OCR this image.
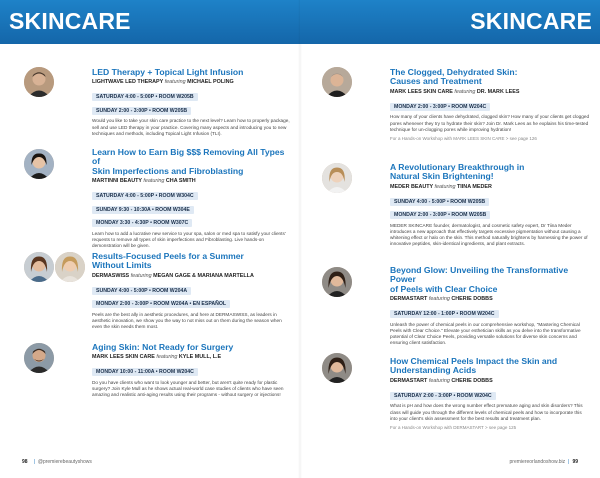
SKINCARE
LED Therapy + Topical Light Infusion
LIGHTWAVE LED THERAPY featuring MICHAEL POLING
SATURDAY 4:00 - 5:00P • ROOM W205B
SUNDAY 2:00 - 3:00P • ROOM W205B
Would you like to take your skin care practice to the next level? Learn how to properly package, sell and use LED therapy in your practice. Covering many aspects and introducing you to new techniques and methods, including Topical Light Infusion (TLI).
Learn How to Earn Big $$$ Removing All Types of
Skin Imperfections and Fibroblasting
MARTINNI BEAUTY featuring CHA SMITH
SATURDAY 4:00 - 5:00P • ROOM W304C
SUNDAY 9:30 - 10:30A • ROOM W304E
MONDAY 3:30 - 4:30P • ROOM W307C
Learn how to add a lucrative new service to your spa, salon or med spa to satisfy your clients' requests to remove all types of skin imperfections and Fibroblasting. Live hands-on demonstration will be given.
Results-Focused Peels for a Summer
Without Limits
DERMASWISS featuring MEGAN GAGE & MARIANA MARTELLA
SUNDAY 4:00 - 5:00P • ROOM W204A
MONDAY 2:00 - 3:00P • ROOM W204A • EN ESPAÑOL
Peels are the best ally in aesthetic procedures, and here at DERMASWISS, as leaders in aesthetic innovation, we show you the way to not miss out on them during the season when even the skin needs them most.
Aging Skin: Not Ready for Surgery
MARK LEES SKIN CARE featuring KYLE MULL, L.E
MONDAY 10:00 - 11:00A • ROOM W204C
Do you have clients who want to look younger and better, but aren't quite ready for plastic surgery? Join Kyle Mull as he shows actual real-world case studies of clients who have seen amazing and realistic anti-aging results using their programs - without surgery or injections!
98 | @premierebeautyshows
SKINCARE
The Clogged, Dehydrated Skin:
Causes and Treatment
MARK LEES SKIN CARE featuring DR. MARK LEES
MONDAY 2:00 - 3:00P • ROOM W204C
How many of your clients have dehydrated, clogged skin? How many of your clients get clogged pores whenever they try to hydrate their skin? Join Dr. Mark Lees as he explains his time-tested technique for un-clogging pores while improving hydration!
For a Hands-on Workshop with MARK LEES SKIN CARE > see page 126
A Revolutionary Breakthrough in
Natural Skin Brightening!
MEDER BEAUTY featuring TIINA MEDER
SUNDAY 4:00 - 5:00P • ROOM W205B
MONDAY 2:00 - 3:00P • ROOM W205B
MEDER SKINCARE founder, dermatologist, and cosmetic safety expert, Dr Tiina Meder introduces a new approach that effectively targets excessive pigmentation without causing a whitening effect or halo on the skin. This method naturally brightens by harnessing the power of innovative peptides, skin-identical ingredients, and plant extracts.
Beyond Glow: Unveiling the Transformative Power
of Peels with Clear Choice
DERMASTART featuring CHERIE DOBBS
SATURDAY 12:00 - 1:00P • ROOM W204C
Unleash the power of chemical peels in our comprehensive workshop, "Mastering Chemical Peels with Clear Choice." Elevate your esthetician skills as you delve into the transformative potential of Clear Choice Peels, providing versatile solutions for diverse skin concerns and ensuring client satisfaction.
How Chemical Peels Impact the Skin and
Understanding Acids
DERMASTART featuring CHERIE DOBBS
SATURDAY 2:00 - 3:00P • ROOM W204C
What is pH and how does the wrong number effect premature aging and skin disorders? This class will guide you through the different levels of chemical peels and how to incorporate this into your client's skin assessment for the best results and treatment plan.
For a Hands-on Workshop with DERMASTART > see page 125
premiereorlandoshow.biz | 99
